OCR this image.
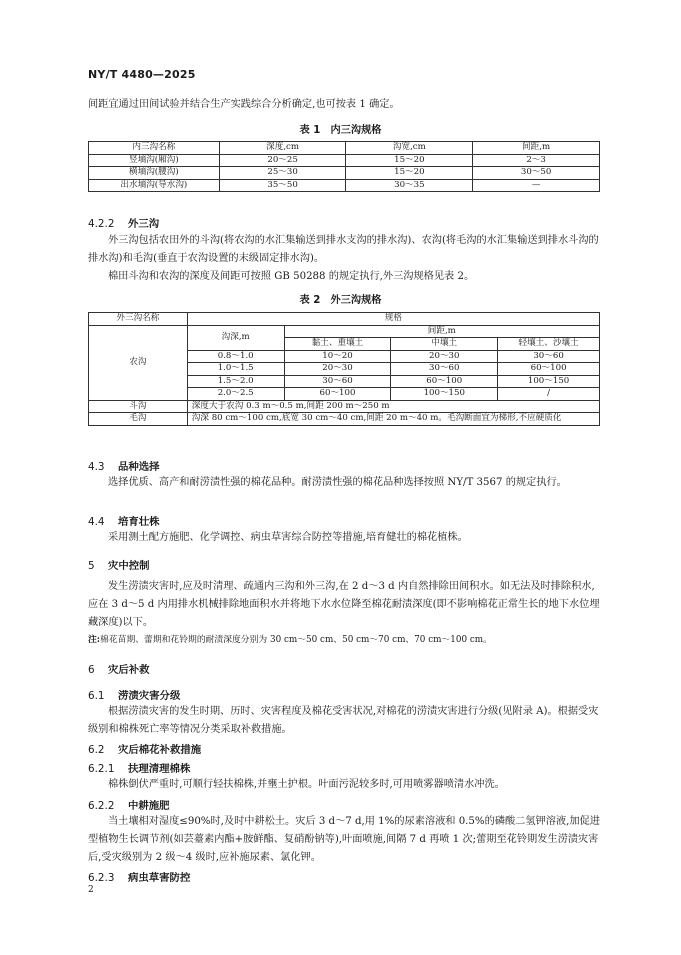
NY/T 4480—2025
间距宜通过田间试验并结合生产实践综合分析确定,也可按表 1 确定。
表 1　内三沟规格
内三沟名称	深度,cm	沟宽,cm	间距,m
竖墒沟(厢沟)	20～25	15～20	2～3
横墒沟(腰沟)	25～30	15～20	30～50
出水墒沟(导水沟)	35～50	30～35	—
4.2.2 外三沟
外三沟包括农田外的斗沟(将农沟的水汇集输送到排水支沟的排水沟)、农沟(将毛沟的水汇集输送到排水斗沟的排水沟)和毛沟(垂直于农沟设置的末级固定排水沟)。
棉田斗沟和农沟的深度及间距可按照 GB 50288 的规定执行,外三沟规格见表 2。
表 2　外三沟规格
外三沟名称	规格			
农沟	沟深,m	间距,m		
		黏土、重壤土	中壤土	轻壤土、沙壤土
	0.8～1.0	10～20	20～30	30～60
	1.0～1.5	20～30	30～60	60～100
	1.5～2.0	30～60	60～100	100～150
	2.0～2.5	60～100	100～150	/
斗沟	深度大于农沟 0.3 m～0.5 m,间距 200 m～250 m			
毛沟	沟深 80 cm～100 cm,底宽 30 cm～40 cm,间距 20 m～40 m。毛沟断面宜为梯形,不应硬质化			
4.3 品种选择
选择优质、高产和耐涝渍性强的棉花品种。耐涝渍性强的棉花品种选择按照 NY/T 3567 的规定执行。
4.4 培育壮株
采用测土配方施肥、化学调控、病虫草害综合防控等措施,培育健壮的棉花植株。
5 灾中控制
发生涝渍灾害时,应及时清理、疏通内三沟和外三沟,在 2 d～3 d 内自然排除田间积水。如无法及时排除积水,应在 3 d～5 d 内用排水机械排除地面积水并将地下水水位降至棉花耐渍深度(即不影响棉花正常生长的地下水位埋藏深度)以下。
注:棉花苗期、蕾期和花铃期的耐渍深度分别为 30 cm～50 cm、50 cm～70 cm、70 cm～100 cm。
6 灾后补救
6.1 涝渍灾害分级
根据涝渍灾害的发生时期、历时、灾害程度及棉花受害状况,对棉花的涝渍灾害进行分级(见附录 A)。根据受灾级别和棉株死亡率等情况分类采取补救措施。
6.2 灾后棉花补救措施
6.2.1 扶理清理棉株
棉株倒伏严重时,可顺行轻扶棉株,并壅土护根。叶面污泥较多时,可用喷雾器喷清水冲洗。
6.2.2 中耕施肥
当土壤相对湿度≤90%时,及时中耕松土。灾后 3 d～7 d,用 1%的尿素溶液和 0.5%的磷酸二氢钾溶液,加促进型植物生长调节剂(如芸薹素内酯+胺鲜酯、复硝酚钠等),叶面喷施,间隔 7 d 再喷 1 次;蕾期至花铃期发生涝渍灾害后,受灾级别为 2 级～4 级时,应补施尿素、氯化钾。
6.2.3 病虫草害防控
2
